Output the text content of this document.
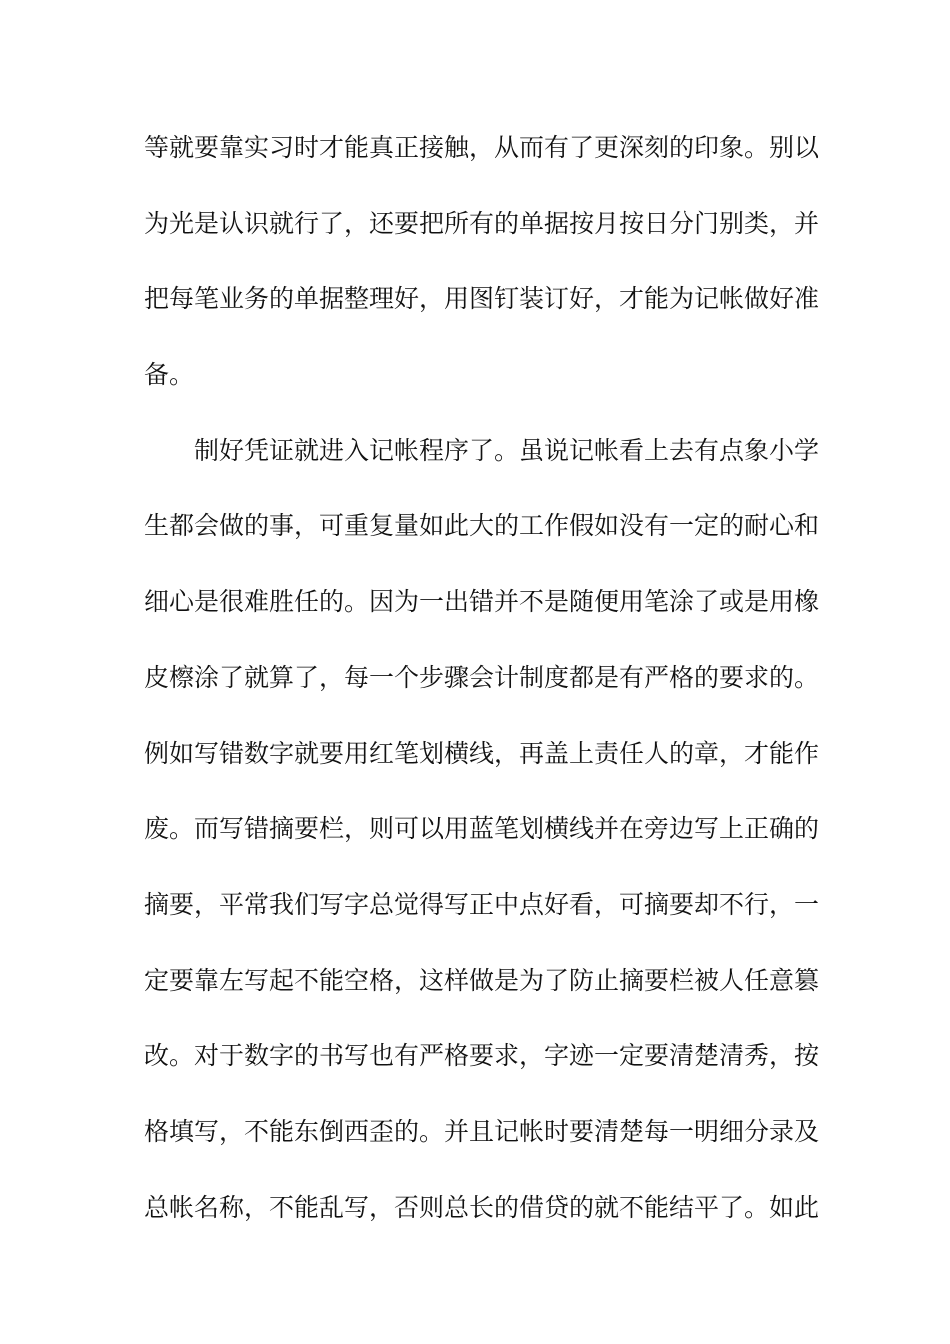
等就要靠实习时才能真正接触，从而有了更深刻的印象。别以
为光是认识就行了，还要把所有的单据按月按日分门别类，并
把每笔业务的单据整理好，用图钉装订好，才能为记帐做好准
备。
制好凭证就进入记帐程序了。虽说记帐看上去有点象小学
生都会做的事，可重复量如此大的工作假如没有一定的耐心和
细心是很难胜任的。因为一出错并不是随便用笔涂了或是用橡
皮檫涂了就算了，每一个步骤会计制度都是有严格的要求的。
例如写错数字就要用红笔划横线，再盖上责任人的章，才能作
废。而写错摘要栏，则可以用蓝笔划横线并在旁边写上正确的
摘要，平常我们写字总觉得写正中点好看，可摘要却不行，一
定要靠左写起不能空格，这样做是为了防止摘要栏被人任意篡
改。对于数字的书写也有严格要求，字迹一定要清楚清秀，按
格填写，不能东倒西歪的。并且记帐时要清楚每一明细分录及
总帐名称，不能乱写，否则总长的借贷的就不能结平了。如此
